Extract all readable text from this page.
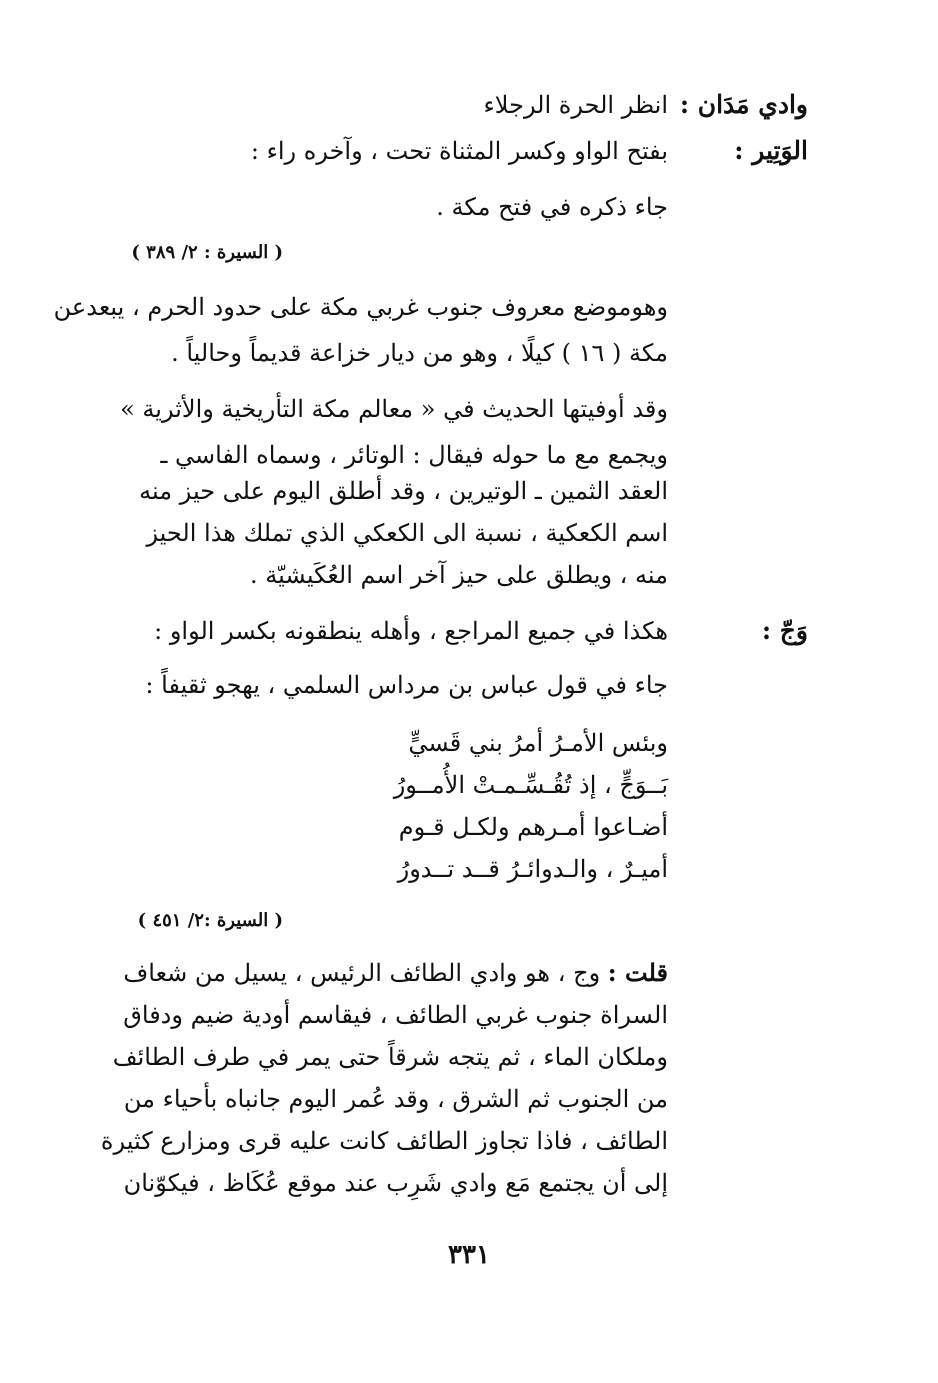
وادي مَدَان :
انظر الحرة الرجلاء
الوَتِير :
بفتح الواو وكسر المثناة تحت ، وآخره راء :
جاء ذكره في فتح مكة .
( السيرة : ٢/ ٣٨٩ )
وهوموضع معروف جنوب غربي مكة على حدود الحرم ، يبعدعن
مكة ( ١٦ ) كيلًا ، وهو من ديار خزاعة قديماً وحالياً .
وقد أوفيتها الحديث في « معالم مكة التأريخية والأثرية »
ويجمع مع ما حوله فيقال : الوتائر ، وسماه الفاسي ـ
العقد الثمين ـ الوتيرين ، وقد أطلق اليوم على حيز منه
اسم الكعكية ، نسبة الى الكعكي الذي تملك هذا الحيز
منه ، ويطلق على حيز آخر اسم العُكَيشيّة .
وَجّ :
هكذا في جميع المراجع ، وأهله ينطقونه بكسر الواو :
جاء في قول عباس بن مرداس السلمي ، يهجو ثقيفاً :
وبئس الأمـرُ أمرُ بني قَسيٍّ
بَــوَجٍّ ، إذ تُقُـسِّـمـتْ الأُمــورُ
أضـاعوا أمـرهم ولكـل قـوم
أميـرٌ ، والـدوائـرُ قــد تــدورُ
( السيرة :٢/ ٤٥١ )
قلت : وج ، هو وادي الطائف الرئيس ، يسيل من شعاف
السراة جنوب غربي الطائف ، فيقاسم أودية ضيم ودفاق
وملكان الماء ، ثم يتجه شرقاً حتى يمر في طرف الطائف
من الجنوب ثم الشرق ، وقد عُمر اليوم جانباه بأحياء من
الطائف ، فاذا تجاوز الطائف كانت عليه قرى ومزارع كثيرة
إلى أن يجتمع مَع وادي شَرِب عند موقع عُكَاظ ، فيكوّنان
٣٣١
